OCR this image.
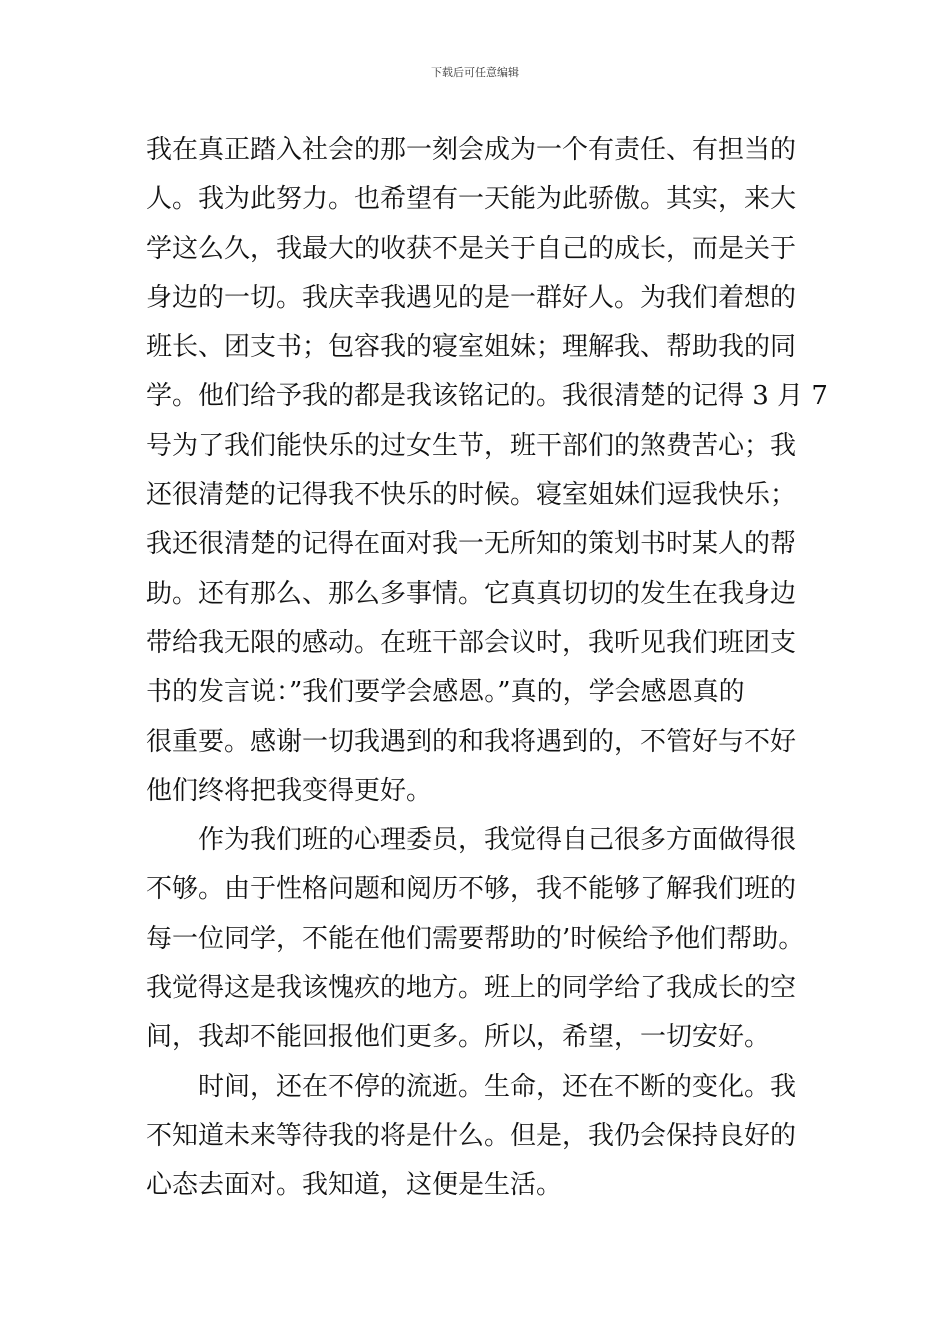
下载后可任意编辑
我在真正踏入社会的那一刻会成为一个有责任、有担当的
人。我为此努力。也希望有一天能为此骄傲。其实，来大
学这么久，我最大的收获不是关于自己的成长，而是关于
身边的一切。我庆幸我遇见的是一群好人。为我们着想的
班长、团支书；包容我的寝室姐妹；理解我、帮助我的同
学。他们给予我的都是我该铭记的。我很清楚的记得 3 月 7
号为了我们能快乐的过女生节，班干部们的煞费苦心；我
还很清楚的记得我不快乐的时候。寝室姐妹们逗我快乐；
我还很清楚的记得在面对我一无所知的策划书时某人的帮
助。还有那么、那么多事情。它真真切切的发生在我身边
带给我无限的感动。在班干部会议时，我听见我们班团支
书的发言说：”我们要学会感恩。”真的，学会感恩真的
很重要。感谢一切我遇到的和我将遇到的，不管好与不好
他们终将把我变得更好。
　　作为我们班的心理委员，我觉得自己很多方面做得很
不够。由于性格问题和阅历不够，我不能够了解我们班的
每一位同学，不能在他们需要帮助的’时候给予他们帮助。
我觉得这是我该愧疚的地方。班上的同学给了我成长的空
间，我却不能回报他们更多。所以，希望，一切安好。
　　时间，还在不停的流逝。生命，还在不断的变化。我
不知道未来等待我的将是什么。但是，我仍会保持良好的
心态去面对。我知道，这便是生活。
